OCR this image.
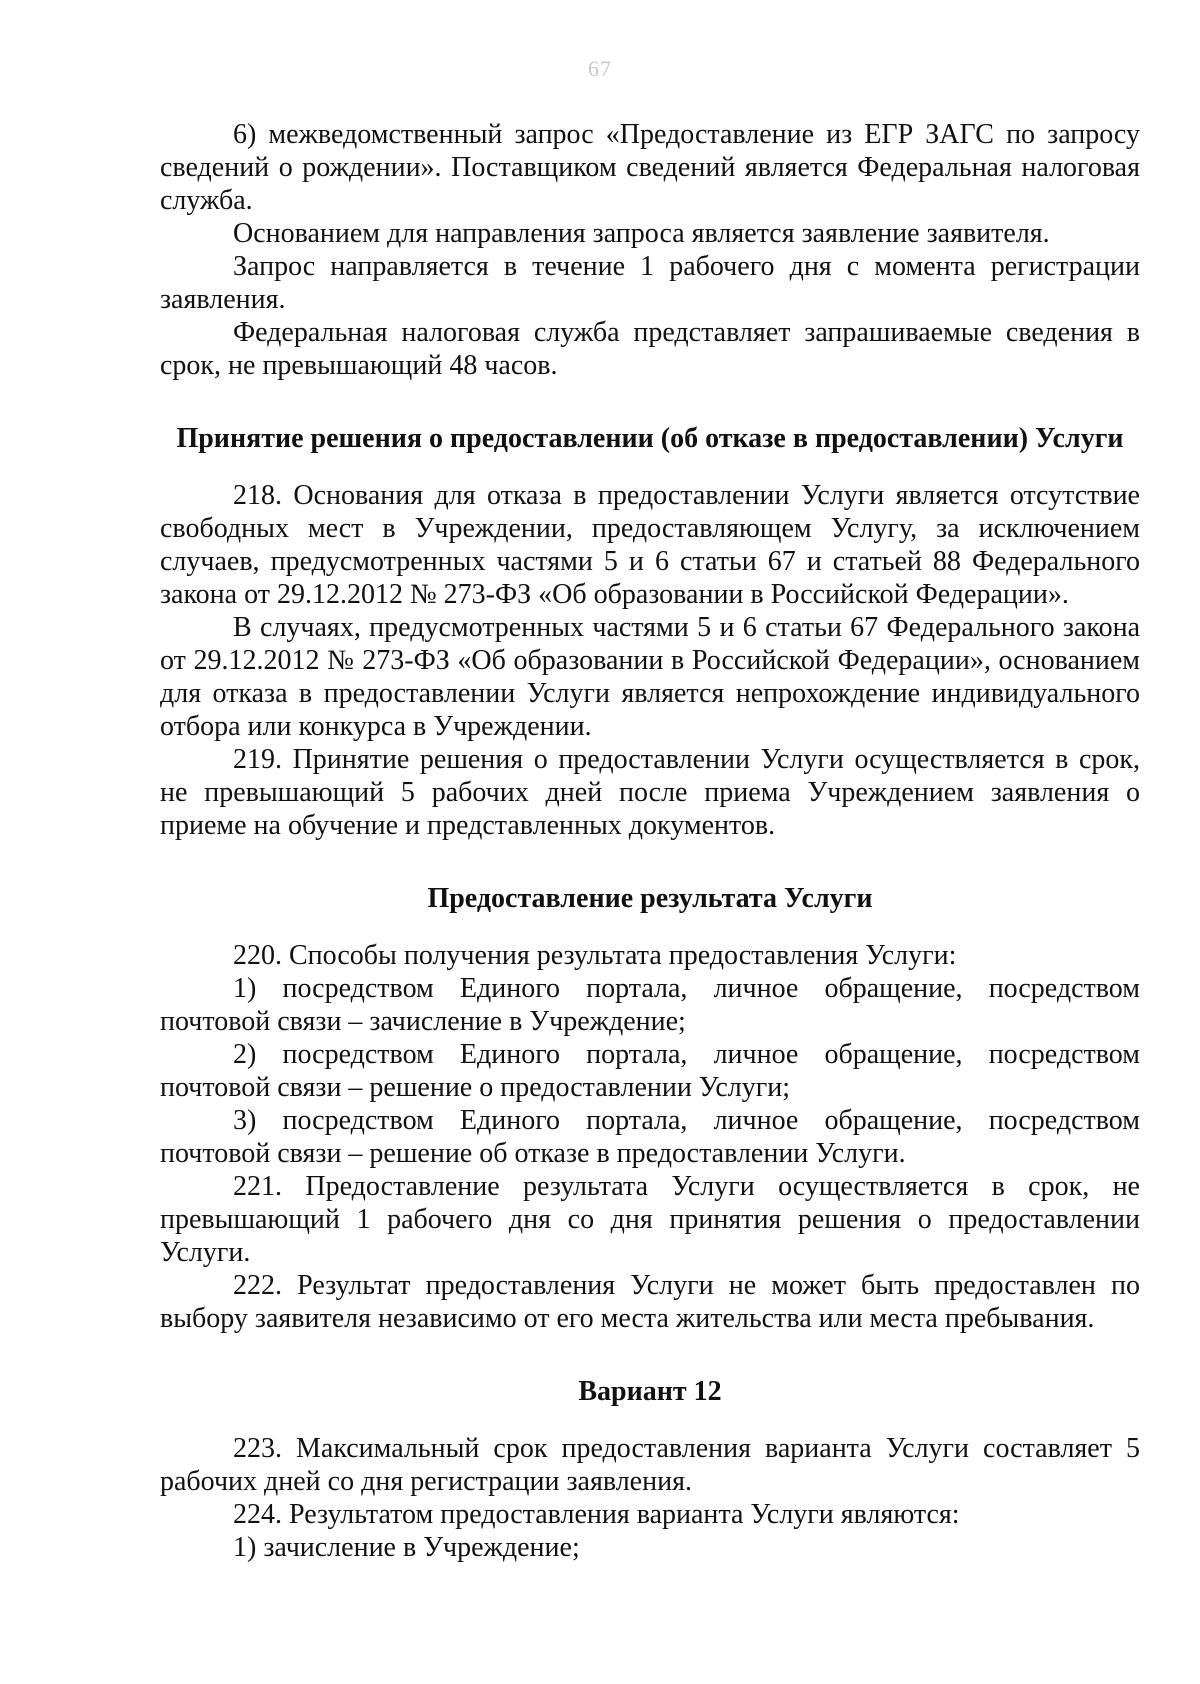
67

6) межведомственный запрос «Предоставление из ЕГР ЗАГС по запросу сведений о рождении». Поставщиком сведений является Федеральная налоговая служба.

Основанием для направления запроса является заявление заявителя.

Запрос направляется в течение 1 рабочего дня с момента регистрации заявления.

Федеральная налоговая служба представляет запрашиваемые сведения в срок, не превышающий 48 часов.

Принятие решения о предоставлении (об отказе в предоставлении) Услуги

218. Основания для отказа в предоставлении Услуги является отсутствие свободных мест в Учреждении, предоставляющем Услугу, за исключением случаев, предусмотренных частями 5 и 6 статьи 67 и статьей 88 Федерального закона от 29.12.2012 № 273-ФЗ «Об образовании в Российской Федерации».

В случаях, предусмотренных частями 5 и 6 статьи 67 Федерального закона от 29.12.2012 № 273-ФЗ «Об образовании в Российской Федерации», основанием для отказа в предоставлении Услуги является непрохождение индивидуального отбора или конкурса в Учреждении.

219. Принятие решения о предоставлении Услуги осуществляется в срок, не превышающий 5 рабочих дней после приема Учреждением заявления о приеме на обучение и представленных документов.

Предоставление результата Услуги

220. Способы получения результата предоставления Услуги:

1) посредством Единого портала, личное обращение, посредством почтовой связи – зачисление в Учреждение;

2) посредством Единого портала, личное обращение, посредством почтовой связи – решение о предоставлении Услуги;

3) посредством Единого портала, личное обращение, посредством почтовой связи – решение об отказе в предоставлении Услуги.

221. Предоставление результата Услуги осуществляется в срок, не превышающий 1 рабочего дня со дня принятия решения о предоставлении Услуги.

222. Результат предоставления Услуги не может быть предоставлен по выбору заявителя независимо от его места жительства или места пребывания.

Вариант 12

223. Максимальный срок предоставления варианта Услуги составляет 5 рабочих дней со дня регистрации заявления.

224. Результатом предоставления варианта Услуги являются:

1) зачисление в Учреждение;
